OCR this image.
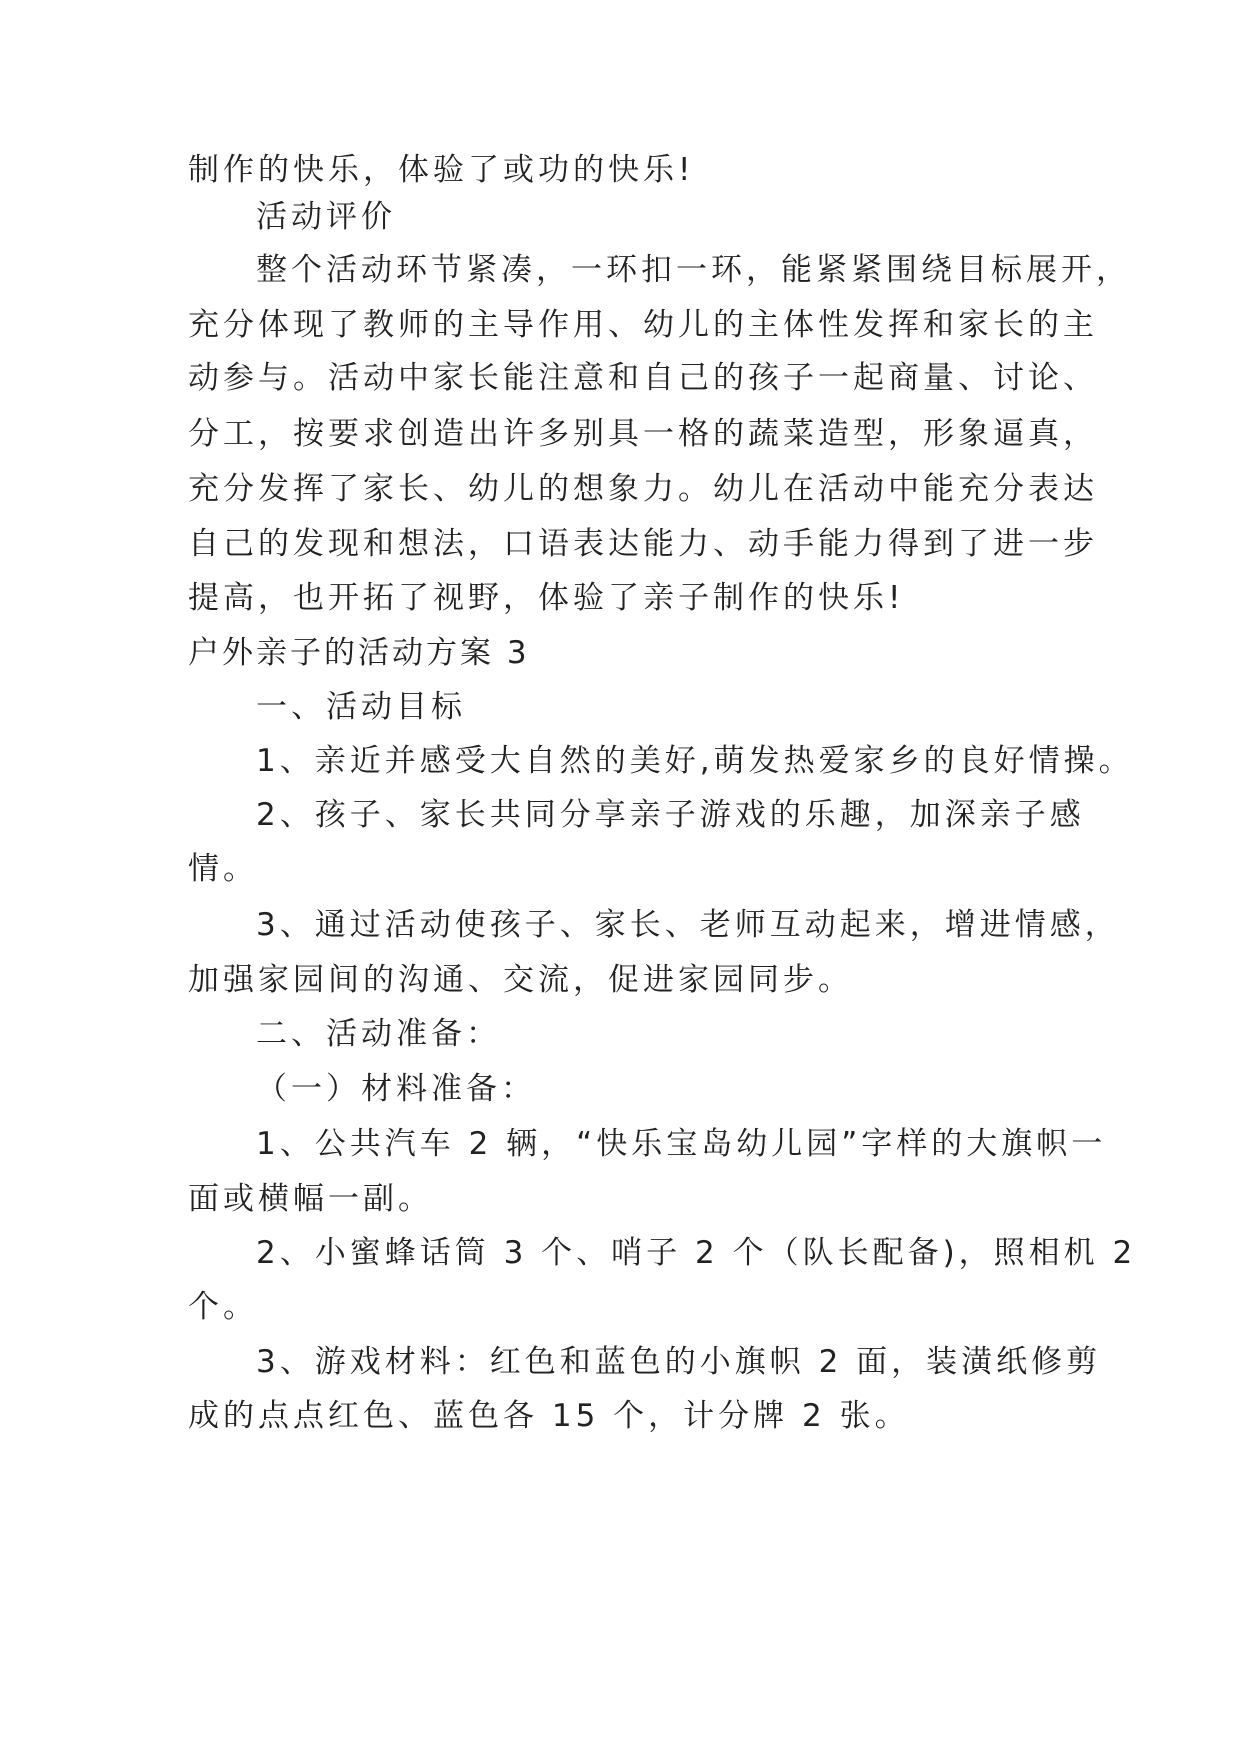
制作的快乐，体验了或功的快乐!
活动评价
整个活动环节紧凑，一环扣一环，能紧紧围绕目标展开，
充分体现了教师的主导作用、幼儿的主体性发挥和家长的主
动参与。活动中家长能注意和自己的孩子一起商量、讨论、
分工，按要求创造出许多别具一格的蔬菜造型，形象逼真，
充分发挥了家长、幼儿的想象力。幼儿在活动中能充分表达
自己的发现和想法，口语表达能力、动手能力得到了进一步
提高，也开拓了视野，体验了亲子制作的快乐!
户外亲子的活动方案 3
一、活动目标
1、亲近并感受大自然的美好,萌发热爱家乡的良好情操。
2、孩子、家长共同分享亲子游戏的乐趣，加深亲子感
情。
3、通过活动使孩子、家长、老师互动起来，增进情感，
加强家园间的沟通、交流，促进家园同步。
二、活动准备：
（一）材料准备：
1、公共汽车 2 辆，“快乐宝岛幼儿园”字样的大旗帜一
面或横幅一副。
2、小蜜蜂话筒 3 个、哨子 2 个（队长配备)，照相机 2
个。
3、游戏材料：红色和蓝色的小旗帜 2 面，装潢纸修剪
成的点点红色、蓝色各 15 个，计分牌 2 张。
